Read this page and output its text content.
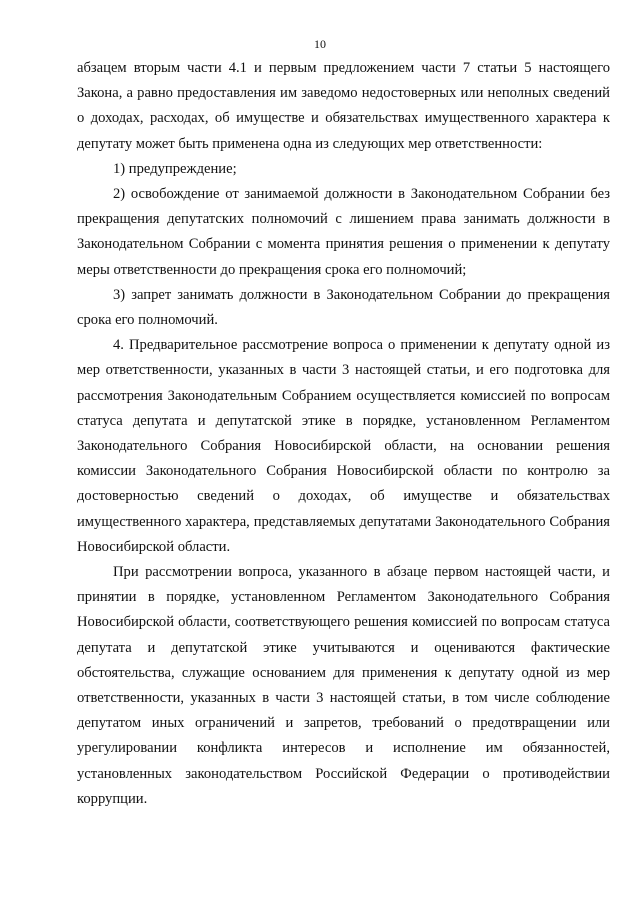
10

абзацем вторым части 4.1 и первым предложением части 7 статьи 5 настоящего Закона, а равно предоставления им заведомо недостоверных или неполных сведений о доходах, расходах, об имуществе и обязательствах имущественного характера к депутату может быть применена одна из следующих мер ответственности:

1) предупреждение;

2) освобождение от занимаемой должности в Законодательном Собрании без прекращения депутатских полномочий с лишением права занимать должности в Законодательном Собрании с момента принятия решения о применении к депутату меры ответственности до прекращения срока его полномочий;

3) запрет занимать должности в Законодательном Собрании до прекращения срока его полномочий.

4. Предварительное рассмотрение вопроса о применении к депутату одной из мер ответственности, указанных в части 3 настоящей статьи, и его подготовка для рассмотрения Законодательным Собранием осуществляется комиссией по вопросам статуса депутата и депутатской этике в порядке, установленном Регламентом Законодательного Собрания Новосибирской области, на основании решения комиссии Законодательного Собрания Новосибирской области по контролю за достоверностью сведений о доходах, об имуществе и обязательствах имущественного характера, представляемых депутатами Законодательного Собрания Новосибирской области.

При рассмотрении вопроса, указанного в абзаце первом настоящей части, и принятии в порядке, установленном Регламентом Законодательного Собрания Новосибирской области, соответствующего решения комиссией по вопросам статуса депутата и депутатской этике учитываются и оцениваются фактические обстоятельства, служащие основанием для применения к депутату одной из мер ответственности, указанных в части 3 настоящей статьи, в том числе соблюдение депутатом иных ограничений и запретов, требований о предотвращении или урегулировании конфликта интересов и исполнение им обязанностей, установленных законодательством Российской Федерации о противодействии коррупции.
